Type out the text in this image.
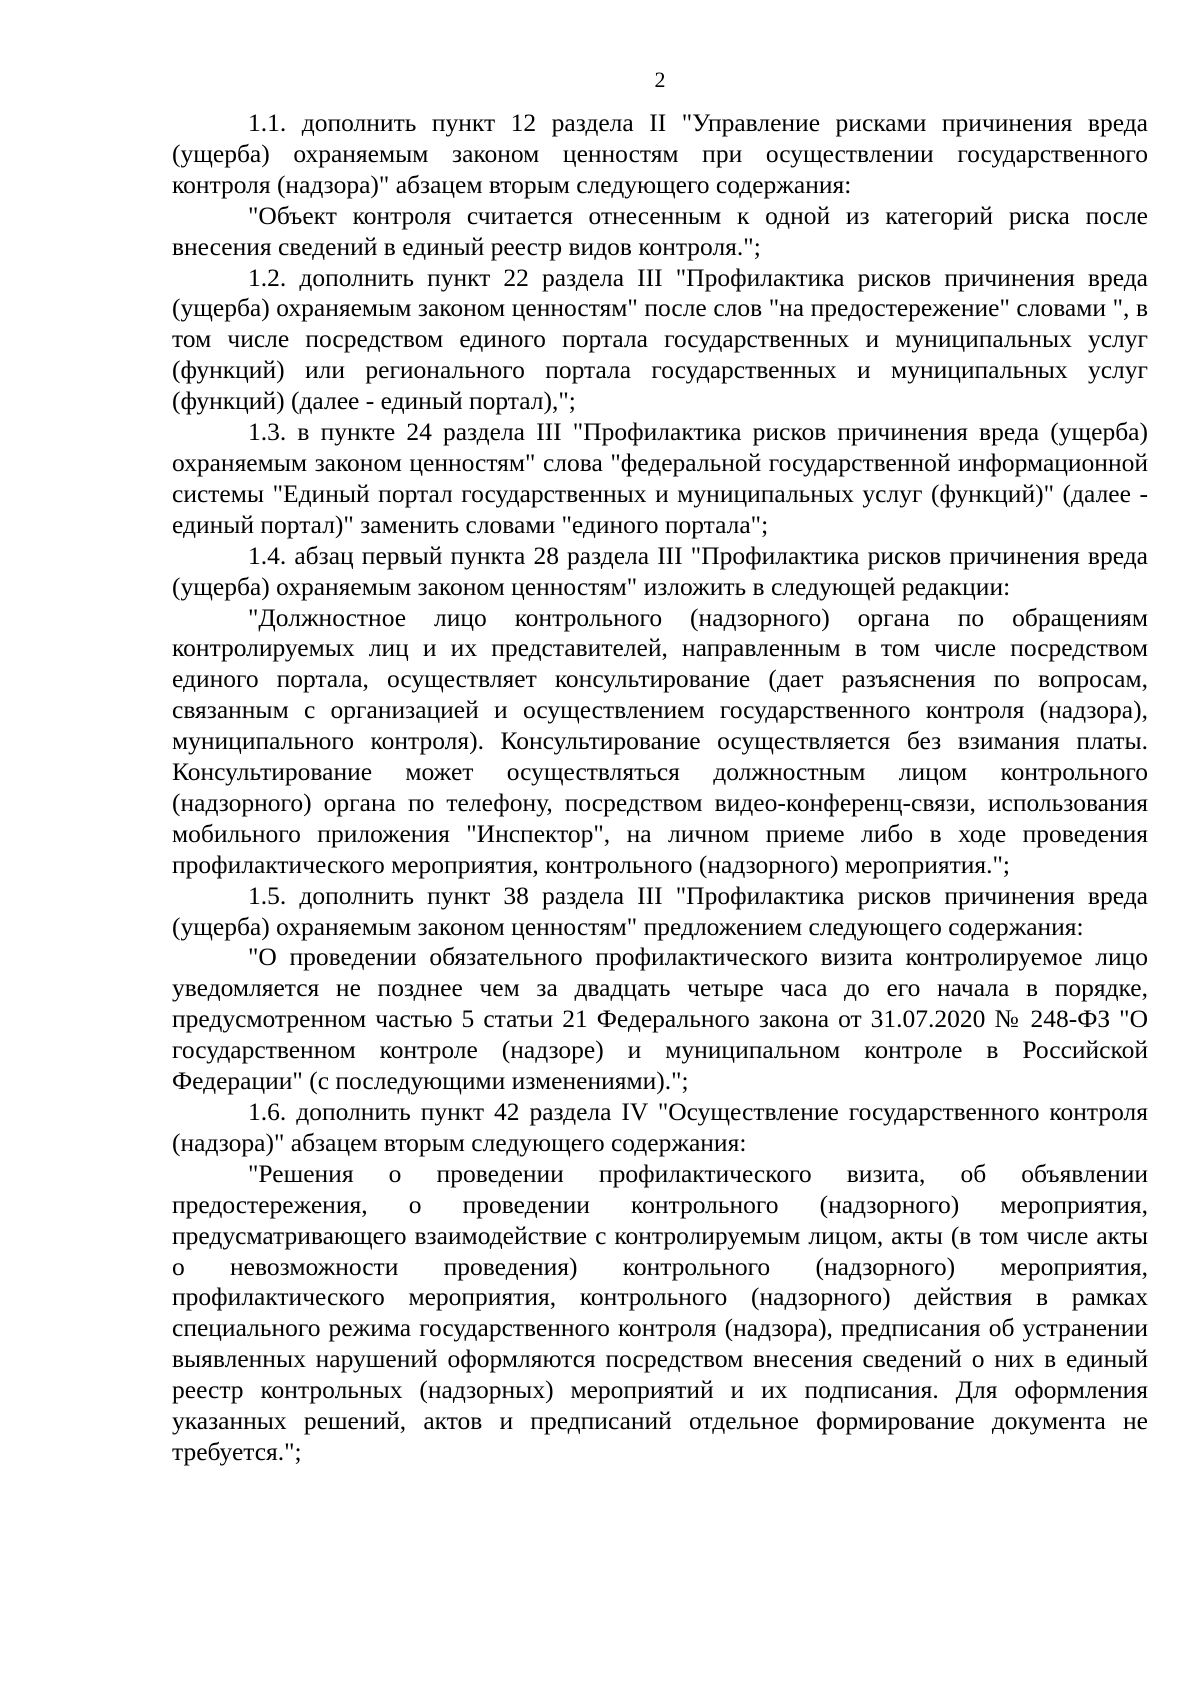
2

1.1. дополнить пункт 12 раздела II "Управление рисками причинения вреда (ущерба) охраняемым законом ценностям при осуществлении государственного контроля (надзора)" абзацем вторым следующего содержания:

"Объект контроля считается отнесенным к одной из категорий риска после внесения сведений в единый реестр видов контроля.";

1.2. дополнить пункт 22 раздела III "Профилактика рисков причинения вреда (ущерба) охраняемым законом ценностям" после слов "на предостережение" словами ", в том числе посредством единого портала государственных и муниципальных услуг (функций) или регионального портала государственных и муниципальных услуг (функций) (далее - единый портал),";

1.3. в пункте 24 раздела III "Профилактика рисков причинения вреда (ущерба) охраняемым законом ценностям" слова "федеральной государственной информационной системы "Единый портал государственных и муниципальных услуг (функций)" (далее - единый портал)" заменить словами "единого портала";

1.4. абзац первый пункта 28 раздела III "Профилактика рисков причинения вреда (ущерба) охраняемым законом ценностям" изложить в следующей редакции:

"Должностное лицо контрольного (надзорного) органа по обращениям контролируемых лиц и их представителей, направленным в том числе посредством единого портала, осуществляет консультирование (дает разъяснения по вопросам, связанным с организацией и осуществлением государственного контроля (надзора), муниципального контроля). Консультирование осуществляется без взимания платы. Консультирование может осуществляться должностным лицом контрольного (надзорного) органа по телефону, посредством видео-конференц-связи, использования мобильного приложения "Инспектор", на личном приеме либо в ходе проведения профилактического мероприятия, контрольного (надзорного) мероприятия.";

1.5. дополнить пункт 38 раздела III "Профилактика рисков причинения вреда (ущерба) охраняемым законом ценностям" предложением следующего содержания:

"О проведении обязательного профилактического визита контролируемое лицо уведомляется не позднее чем за двадцать четыре часа до его начала в порядке, предусмотренном частью 5 статьи 21 Федерального закона от 31.07.2020 № 248-ФЗ "О государственном контроле (надзоре) и муниципальном контроле в Российской Федерации" (с последующими изменениями).";

1.6. дополнить пункт 42 раздела IV "Осуществление государственного контроля (надзора)" абзацем вторым следующего содержания:

"Решения о проведении профилактического визита, об объявлении предостережения, о проведении контрольного (надзорного) мероприятия, предусматривающего взаимодействие с контролируемым лицом, акты (в том числе акты о невозможности проведения) контрольного (надзорного) мероприятия, профилактического мероприятия, контрольного (надзорного) действия в рамках специального режима государственного контроля (надзора), предписания об устранении выявленных нарушений оформляются посредством внесения сведений о них в единый реестр контрольных (надзорных) мероприятий и их подписания. Для оформления указанных решений, актов и предписаний отдельное формирование документа не требуется.";
